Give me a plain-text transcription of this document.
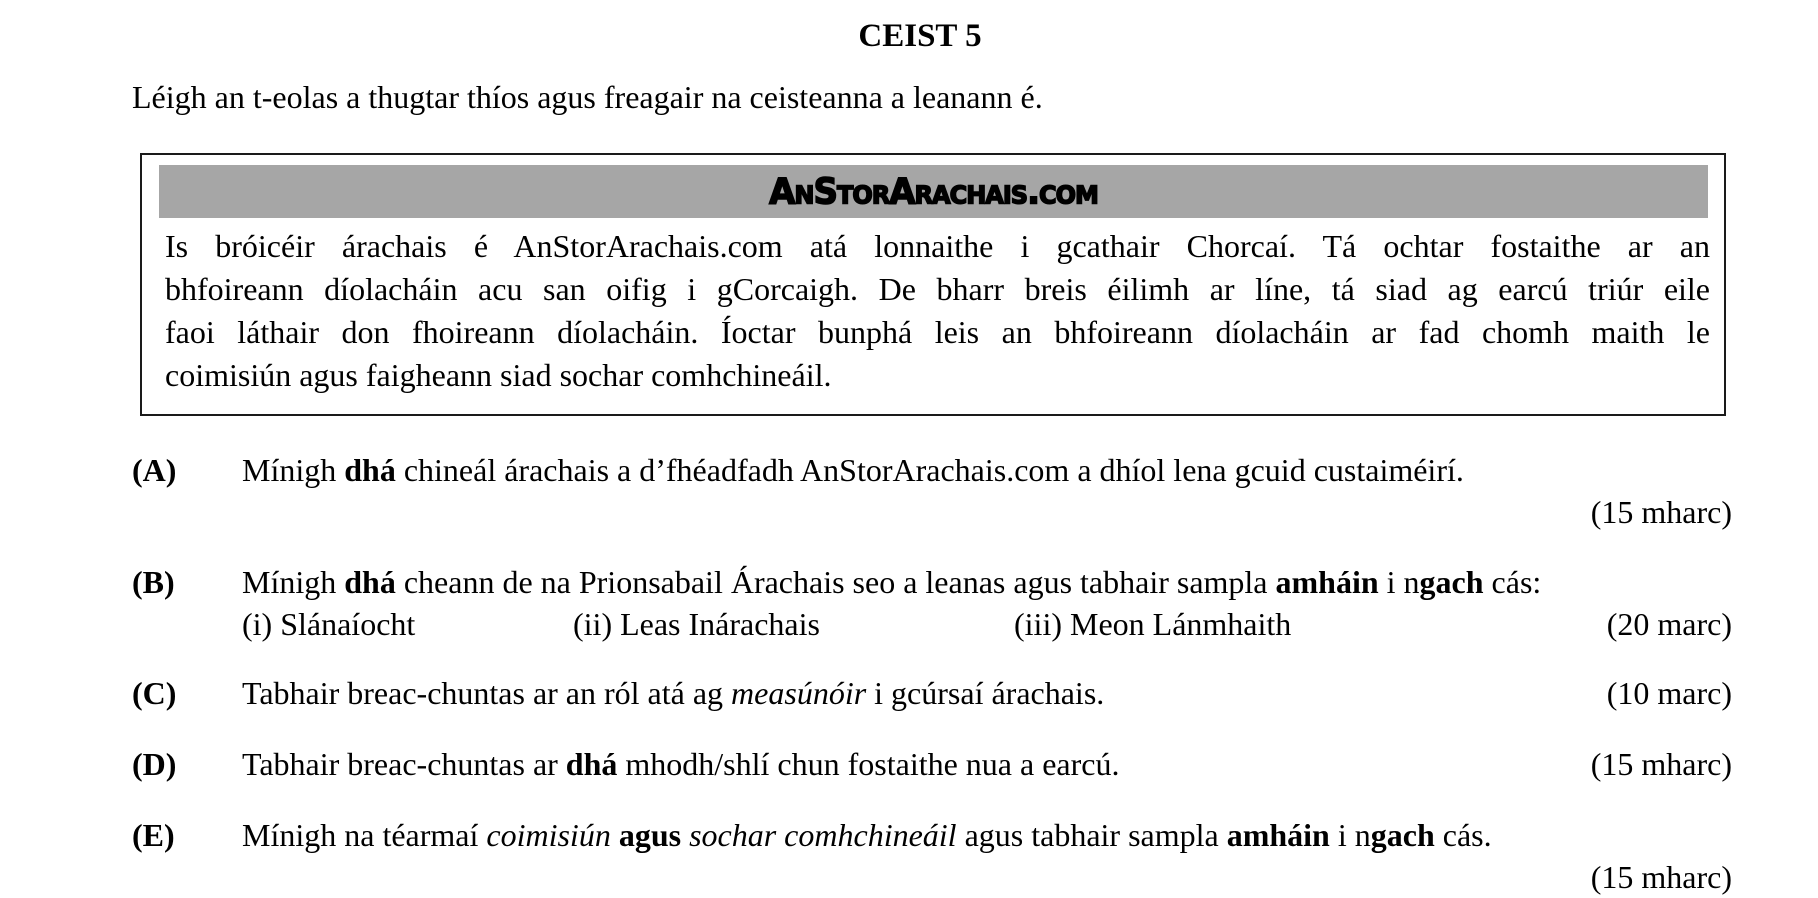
CEIST 5
Léigh an t-eolas a thugtar thíos agus freagair na ceisteanna a leanann é.
AnStorArachais.com
Is bróicéir árachais é AnStorArachais.com atá lonnaithe i gcathair Chorcaí. Tá ochtar fostaithe ar an
bhfoireann díolacháin acu san oifig i gCorcaigh. De bharr breis éilimh ar líne, tá siad ag earcú triúr eile
faoi láthair don fhoireann díolacháin. Íoctar bunphá leis an bhfoireann díolacháin ar fad chomh maith le
coimisiún agus faigheann siad sochar comhchineáil.
(A) Mínigh dhá chineál árachais a d’fhéadfadh AnStorArachais.com a dhíol lena gcuid custaiméirí.
(15 mharc)
(B) Mínigh dhá cheann de na Prionsabail Árachais seo a leanas agus tabhair sampla amháin i ngach cás:
(i) Slánaíocht	(ii) Leas Inárachais	(iii) Meon Lánmhaith	(20 marc)
(C) Tabhair breac-chuntas ar an ról atá ag measúnóir i gcúrsaí árachais.	(10 marc)
(D) Tabhair breac-chuntas ar dhá mhodh/shlí chun fostaithe nua a earcú.	(15 mharc)
(E) Mínigh na téarmaí coimisiún agus sochar comhchineáil agus tabhair sampla amháin i ngach cás.
(15 mharc)
